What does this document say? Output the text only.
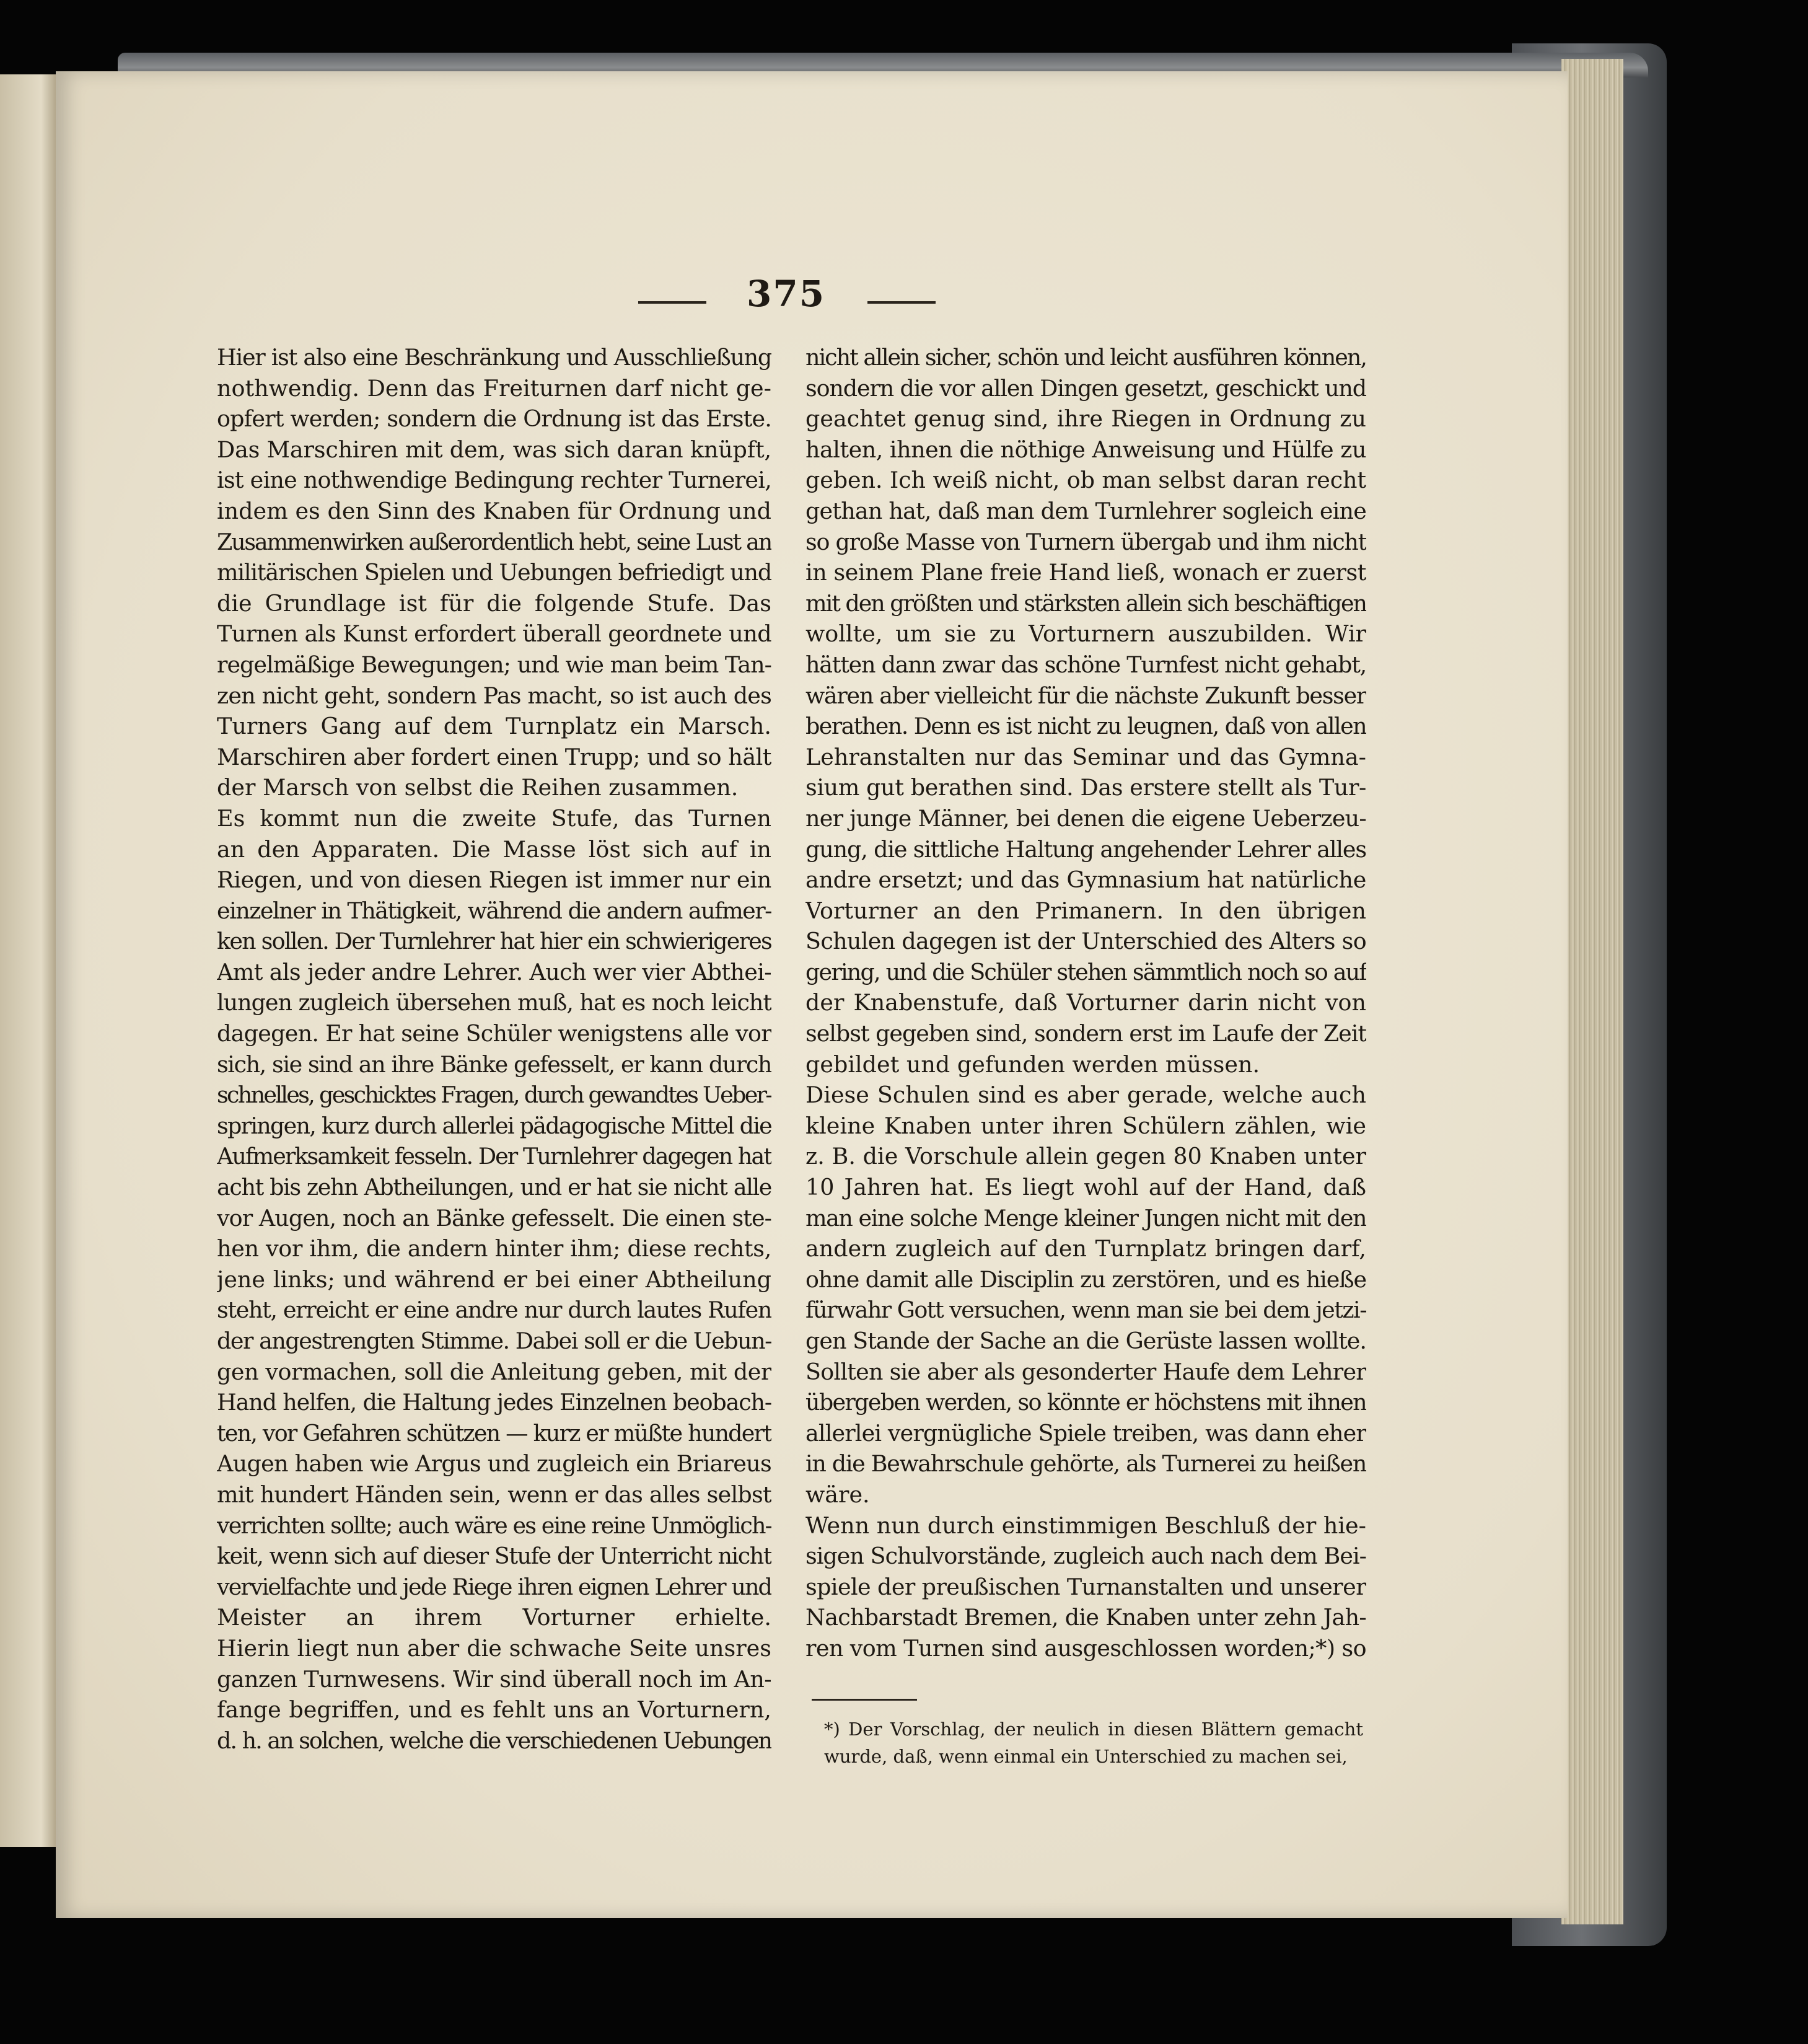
375
Hier ist also eine Beschränkung und Ausschließung
nothwendig. Denn das Freiturnen darf nicht ge-
opfert werden; sondern die Ordnung ist das Erste.
Das Marschiren mit dem, was sich daran knüpft,
ist eine nothwendige Bedingung rechter Turnerei,
indem es den Sinn des Knaben für Ordnung und
Zusammenwirken außerordentlich hebt, seine Lust an
militärischen Spielen und Uebungen befriedigt und
die Grundlage ist für die folgende Stufe. Das
Turnen als Kunst erfordert überall geordnete und
regelmäßige Bewegungen; und wie man beim Tan-
zen nicht geht, sondern Pas macht, so ist auch des
Turners Gang auf dem Turnplatz ein Marsch.
Marschiren aber fordert einen Trupp; und so hält
der Marsch von selbst die Reihen zusammen.
Es kommt nun die zweite Stufe, das Turnen
an den Apparaten. Die Masse löst sich auf in
Riegen, und von diesen Riegen ist immer nur ein
einzelner in Thätigkeit, während die andern aufmer-
ken sollen. Der Turnlehrer hat hier ein schwierigeres
Amt als jeder andre Lehrer. Auch wer vier Abthei-
lungen zugleich übersehen muß, hat es noch leicht
dagegen. Er hat seine Schüler wenigstens alle vor
sich, sie sind an ihre Bänke gefesselt, er kann durch
schnelles, geschicktes Fragen, durch gewandtes Ueber-
springen, kurz durch allerlei pädagogische Mittel die
Aufmerksamkeit fesseln. Der Turnlehrer dagegen hat
acht bis zehn Abtheilungen, und er hat sie nicht alle
vor Augen, noch an Bänke gefesselt. Die einen ste-
hen vor ihm, die andern hinter ihm; diese rechts,
jene links; und während er bei einer Abtheilung
steht, erreicht er eine andre nur durch lautes Rufen
der angestrengten Stimme. Dabei soll er die Uebun-
gen vormachen, soll die Anleitung geben, mit der
Hand helfen, die Haltung jedes Einzelnen beobach-
ten, vor Gefahren schützen — kurz er müßte hundert
Augen haben wie Argus und zugleich ein Briareus
mit hundert Händen sein, wenn er das alles selbst
verrichten sollte; auch wäre es eine reine Unmöglich-
keit, wenn sich auf dieser Stufe der Unterricht nicht
vervielfachte und jede Riege ihren eignen Lehrer und
Meister an ihrem Vorturner erhielte.
Hierin liegt nun aber die schwache Seite unsres
ganzen Turnwesens. Wir sind überall noch im An-
fange begriffen, und es fehlt uns an Vorturnern,
d. h. an solchen, welche die verschiedenen Uebungen
nicht allein sicher, schön und leicht ausführen können,
sondern die vor allen Dingen gesetzt, geschickt und
geachtet genug sind, ihre Riegen in Ordnung zu
halten, ihnen die nöthige Anweisung und Hülfe zu
geben. Ich weiß nicht, ob man selbst daran recht
gethan hat, daß man dem Turnlehrer sogleich eine
so große Masse von Turnern übergab und ihm nicht
in seinem Plane freie Hand ließ, wonach er zuerst
mit den größten und stärksten allein sich beschäftigen
wollte, um sie zu Vorturnern auszubilden. Wir
hätten dann zwar das schöne Turnfest nicht gehabt,
wären aber vielleicht für die nächste Zukunft besser
berathen. Denn es ist nicht zu leugnen, daß von allen
Lehranstalten nur das Seminar und das Gymna-
sium gut berathen sind. Das erstere stellt als Tur-
ner junge Männer, bei denen die eigene Ueberzeu-
gung, die sittliche Haltung angehender Lehrer alles
andre ersetzt; und das Gymnasium hat natürliche
Vorturner an den Primanern. In den übrigen
Schulen dagegen ist der Unterschied des Alters so
gering, und die Schüler stehen sämmtlich noch so auf
der Knabenstufe, daß Vorturner darin nicht von
selbst gegeben sind, sondern erst im Laufe der Zeit
gebildet und gefunden werden müssen.
Diese Schulen sind es aber gerade, welche auch
kleine Knaben unter ihren Schülern zählen, wie
z. B. die Vorschule allein gegen 80 Knaben unter
10 Jahren hat. Es liegt wohl auf der Hand, daß
man eine solche Menge kleiner Jungen nicht mit den
andern zugleich auf den Turnplatz bringen darf,
ohne damit alle Disciplin zu zerstören, und es hieße
fürwahr Gott versuchen, wenn man sie bei dem jetzi-
gen Stande der Sache an die Gerüste lassen wollte.
Sollten sie aber als gesonderter Haufe dem Lehrer
übergeben werden, so könnte er höchstens mit ihnen
allerlei vergnügliche Spiele treiben, was dann eher
in die Bewahrschule gehörte, als Turnerei zu heißen
wäre.
Wenn nun durch einstimmigen Beschluß der hie-
sigen Schulvorstände, zugleich auch nach dem Bei-
spiele der preußischen Turnanstalten und unserer
Nachbarstadt Bremen, die Knaben unter zehn Jah-
ren vom Turnen sind ausgeschlossen worden;*) so
*) Der Vorschlag, der neulich in diesen Blättern gemacht
wurde, daß, wenn einmal ein Unterschied zu machen sei,
